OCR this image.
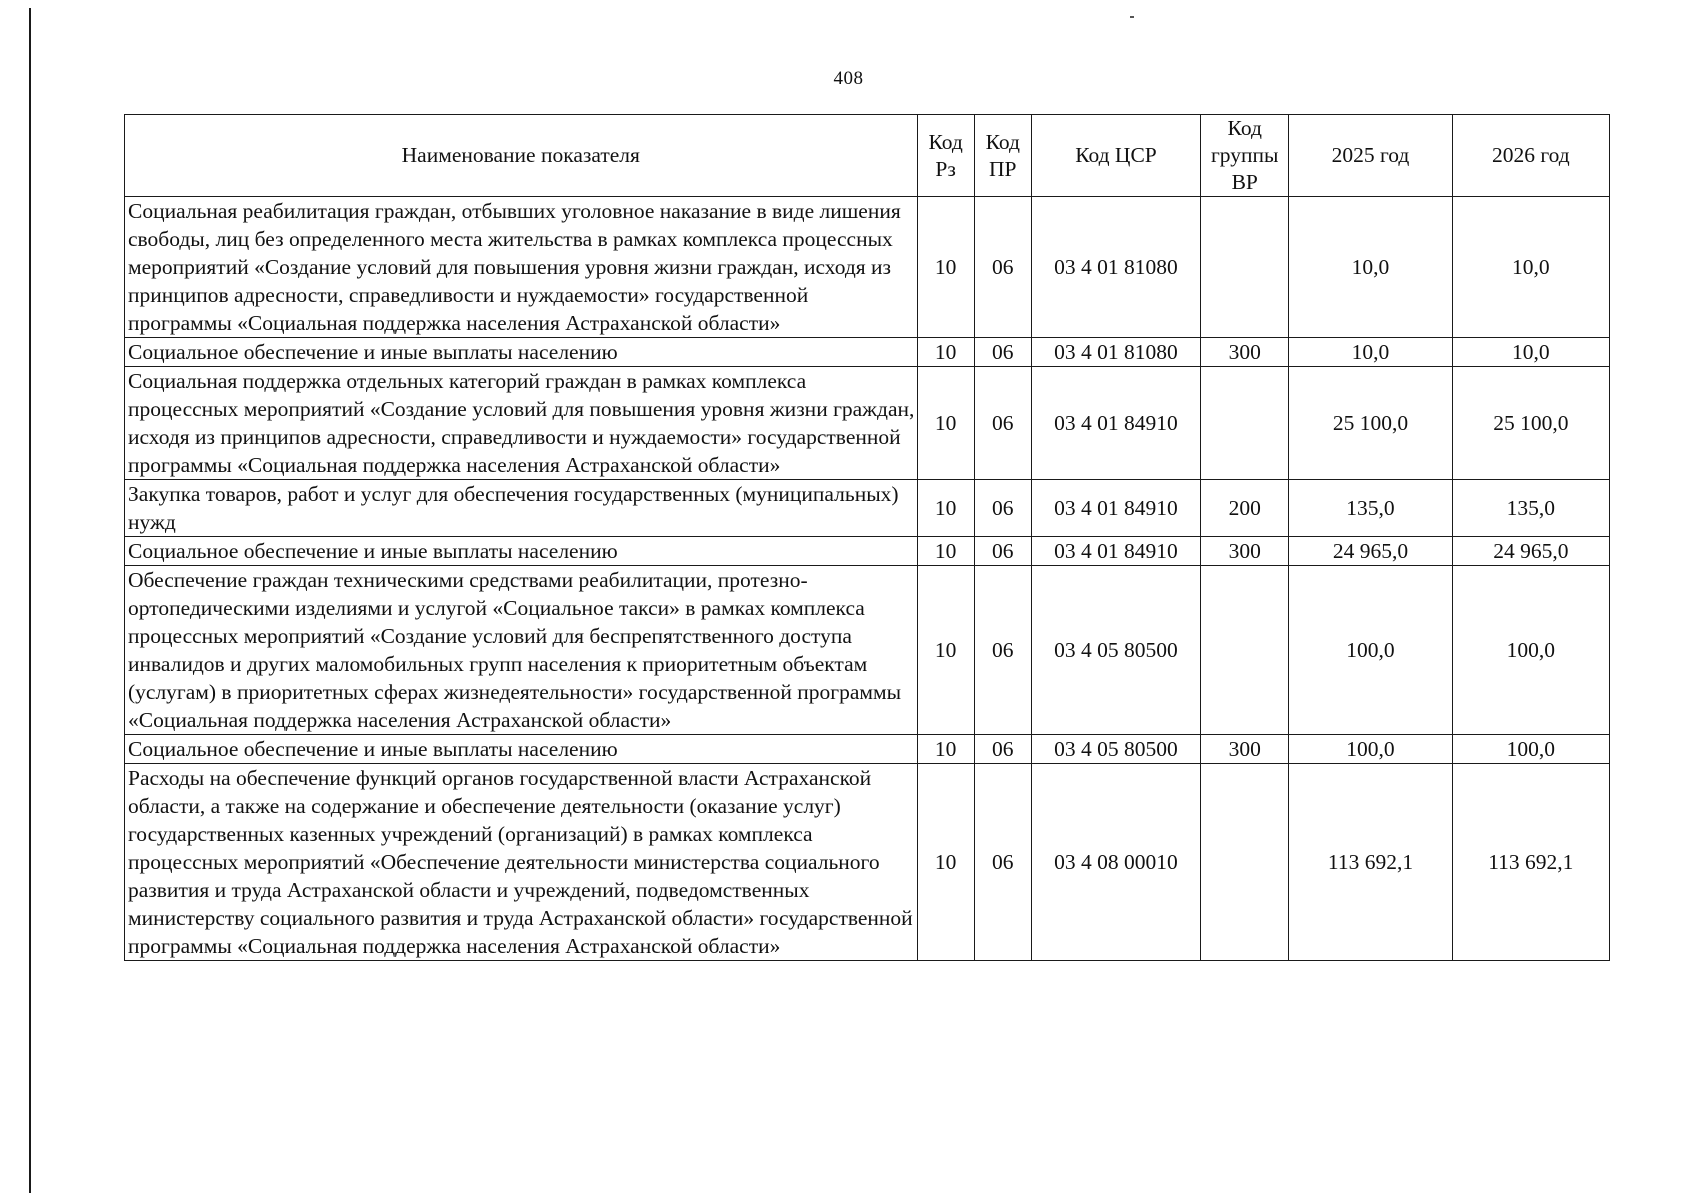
408
Наименование показателя	Код Рз	Код ПР	Код ЦСР	Код группы ВР	2025 год	2026 год
Социальная реабилитация граждан, отбывших уголовное наказание в виде лишения свободы, лиц без определенного места жительства в рамках комплекса процессных мероприятий «Создание условий для повышения уровня жизни граждан, исходя из принципов адресности, справедливости и нуждаемости» государственной программы «Социальная поддержка населения Астраханской области»	10	06	03 4 01 81080		10,0	10,0
Социальное обеспечение и иные выплаты населению	10	06	03 4 01 81080	300	10,0	10,0
Социальная поддержка отдельных категорий граждан в рамках комплекса процессных мероприятий «Создание условий для повышения уровня жизни граждан, исходя из принципов адресности, справедливости и нуждаемости» государственной программы «Социальная поддержка населения Астраханской области»	10	06	03 4 01 84910		25 100,0	25 100,0
Закупка товаров, работ и услуг для обеспечения государственных (муниципальных) нужд	10	06	03 4 01 84910	200	135,0	135,0
Социальное обеспечение и иные выплаты населению	10	06	03 4 01 84910	300	24 965,0	24 965,0
Обеспечение граждан техническими средствами реабилитации, протезно-ортопедическими изделиями и услугой «Социальное такси» в рамках комплекса процессных мероприятий «Создание условий для беспрепятственного доступа инвалидов и других маломобильных групп населения к приоритетным объектам (услугам) в приоритетных сферах жизнедеятельности» государственной программы «Социальная поддержка населения Астраханской области»	10	06	03 4 05 80500		100,0	100,0
Социальное обеспечение и иные выплаты населению	10	06	03 4 05 80500	300	100,0	100,0
Расходы на обеспечение функций органов государственной власти Астраханской области, а также на содержание и обеспечение деятельности (оказание услуг) государственных казенных учреждений (организаций) в рамках комплекса процессных мероприятий «Обеспечение деятельности министерства социального развития и труда Астраханской области и учреждений, подведомственных министерству социального развития и труда Астраханской области» государственной программы «Социальная поддержка населения Астраханской области»	10	06	03 4 08 00010		113 692,1	113 692,1
